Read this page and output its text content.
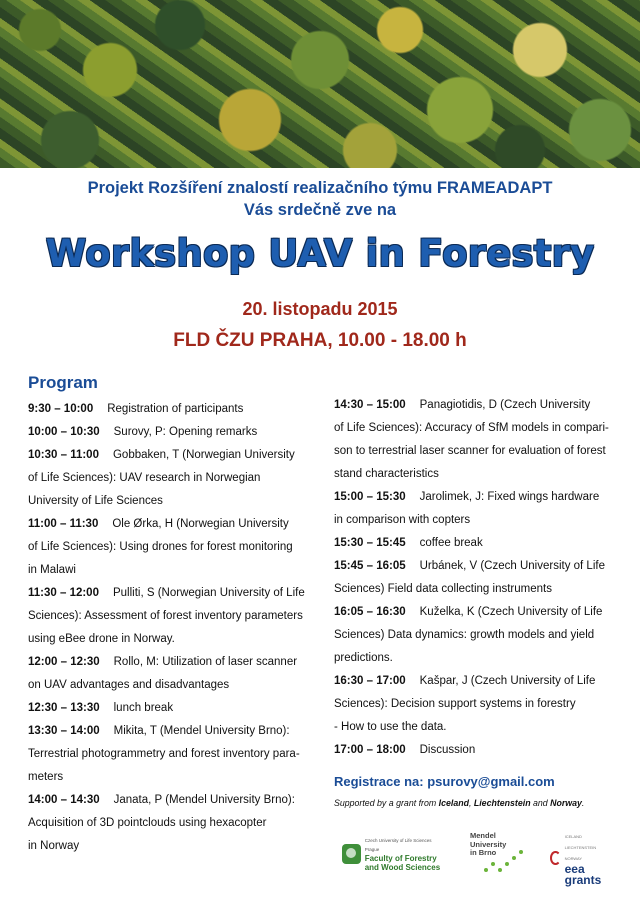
Projekt Rozšíření znalostí realizačního týmu FRAMEADAPT
Vás srdečně zve na
Workshop UAV in Forestry
20. listopadu 2015
FLD ČZU PRAHA, 10.00 - 18.00 h
Program
9:30 – 10:00 Registration of participants
10:00 – 10:30 Surovy, P: Opening remarks
10:30 – 11:00 Gobbaken, T (Norwegian University
of Life Sciences): UAV research in Norwegian
University of Life Sciences
11:00 – 11:30 Ole Ørka, H (Norwegian University
of Life Sciences): Using drones for forest monitoring
in Malawi
11:30 – 12:00 Pulliti, S (Norwegian University of Life
Sciences): Assessment of forest inventory parameters
using eBee drone in Norway.
12:00 – 12:30 Rollo, M: Utilization of laser scanner
on UAV advantages and disadvantages
12:30 – 13:30 lunch break
13:30 – 14:00 Mikita, T (Mendel University Brno):
Terrestrial photogrammetry and forest inventory para-
meters
14:00 – 14:30 Janata, P (Mendel University Brno):
Acquisition of 3D pointclouds using hexacopter
in Norway
14:30 – 15:00 Panagiotidis, D (Czech University
of Life Sciences): Accuracy of SfM models in compari-
son to terrestrial laser scanner for evaluation of forest
stand characteristics
15:00 – 15:30 Jarolimek, J: Fixed wings hardware
in comparison with copters
15:30 – 15:45 coffee break
15:45 – 16:05 Urbánek, V (Czech University of Life
Sciences) Field data collecting instruments
16:05 – 16:30 Kuželka, K (Czech University of Life
Sciences) Data dynamics: growth models and yield
predictions.
16:30 – 17:00 Kašpar, J (Czech University of Life
Sciences): Decision support systems in forestry
- How to use the data.
17:00 – 18:00 Discussion
Registrace na: psurovy@gmail.com
Supported by a grant from Iceland, Liechtenstein and Norway.
Czech University of Life Sciences Prague
Faculty of Forestry
and Wood Sciences
Mendel
University
in Brno
ICELAND LIECHTENSTEIN NORWAY
eea
grants
